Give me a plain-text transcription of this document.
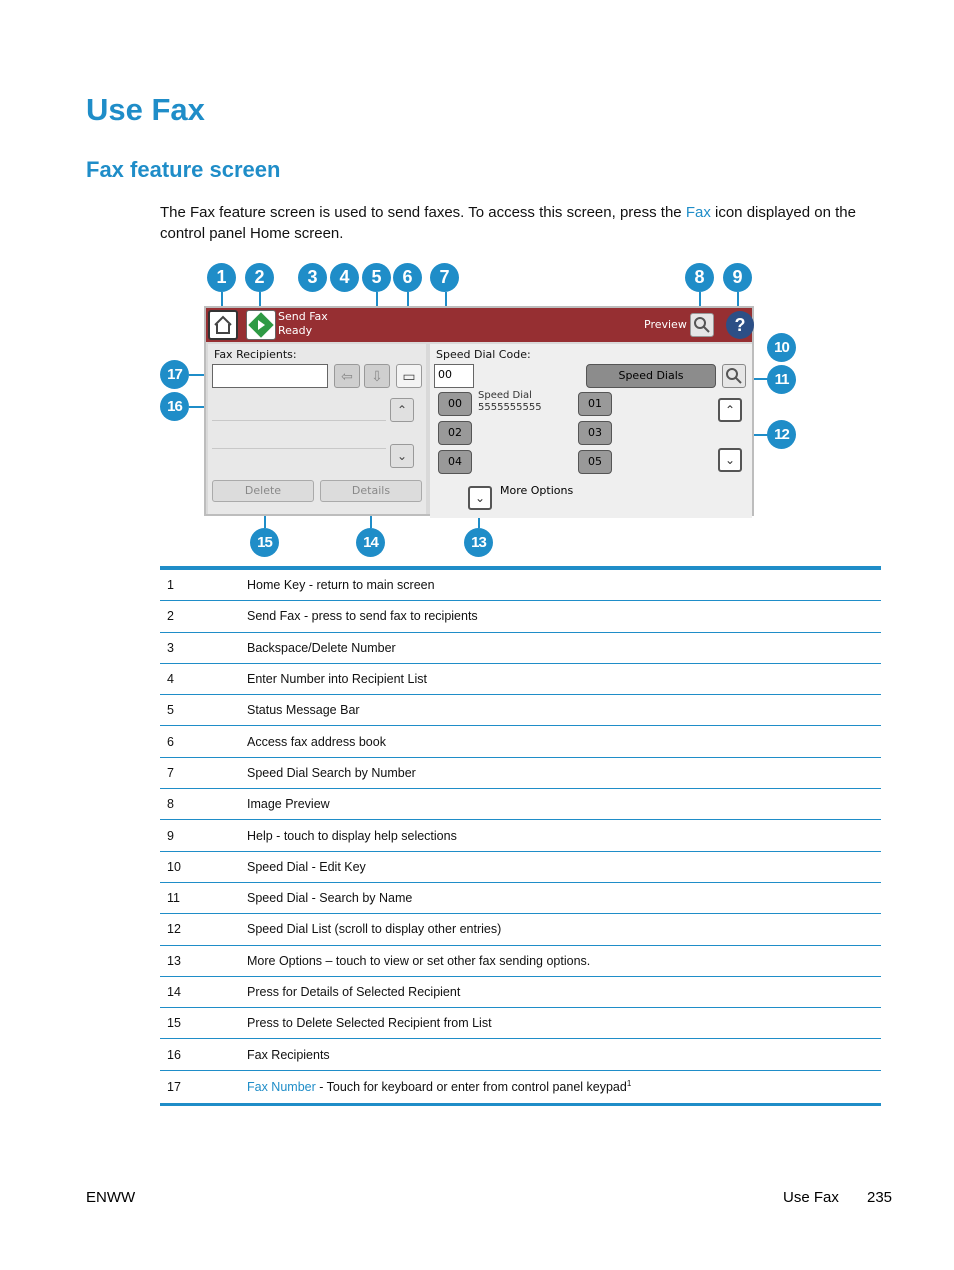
Use Fax
Fax feature screen
The Fax feature screen is used to send faxes. To access this screen, press the Fax icon displayed on the control panel Home screen.
1	2	3	4	5	6	7	8	9
10
11
12
13
14
15
16
17
Send Fax
Ready	Preview	?
Fax Recipients:
⇦	⇩	▭
⌃
⌄
Delete	Details
Speed Dial Code:
00	Speed Dials
00
Speed Dial
5555555555	01
02	03
04	05
⌃
⌄
⌄
More Options
1	Home Key - return to main screen
2	Send Fax - press to send fax to recipients
3	Backspace/Delete Number
4	Enter Number into Recipient List
5	Status Message Bar
6	Access fax address book
7	Speed Dial Search by Number
8	Image Preview
9	Help - touch to display help selections
10	Speed Dial - Edit Key
11	Speed Dial - Search by Name
12	Speed Dial List (scroll to display other entries)
13	More Options – touch to view or set other fax sending options.
14	Press for Details of Selected Recipient
15	Press to Delete Selected Recipient from List
16	Fax Recipients
17	Fax Number - Touch for keyboard or enter from control panel keypad$^1$
ENWW	Use Fax 235
